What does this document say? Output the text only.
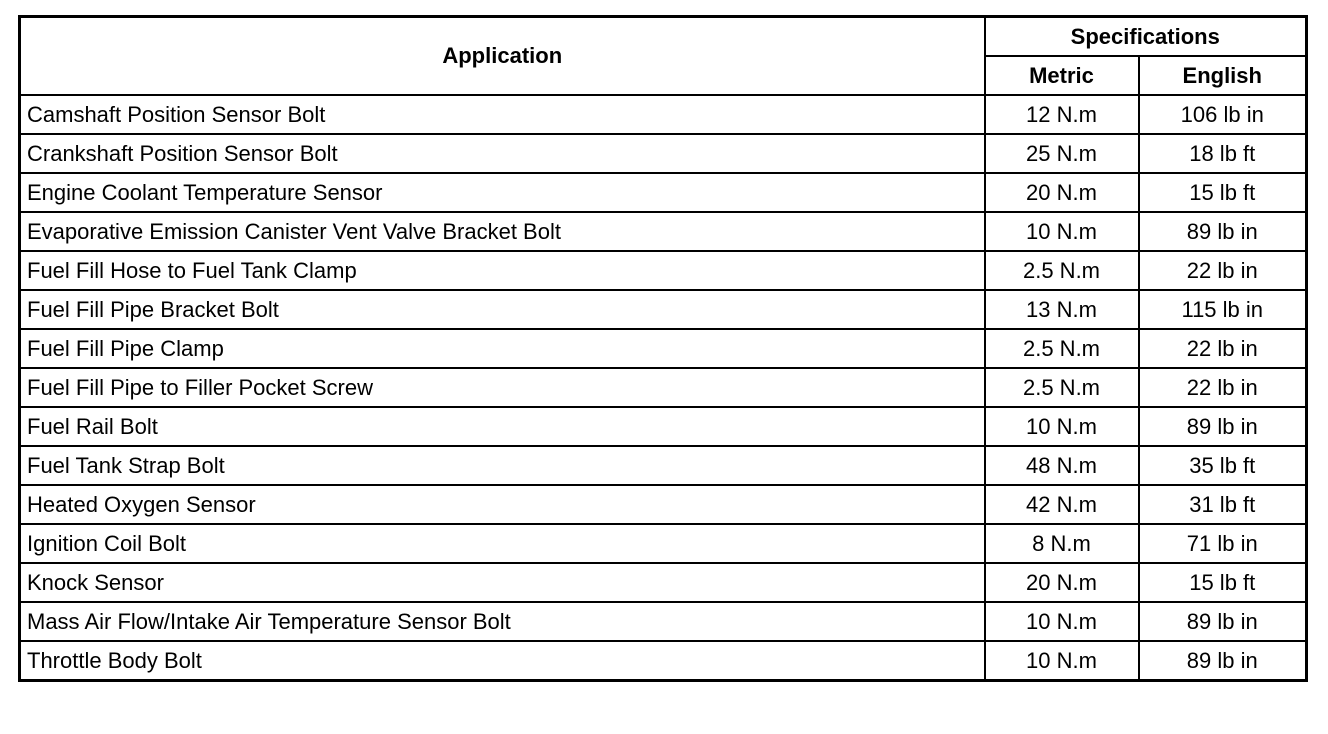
Application	Specifications	
	Metric	English
Camshaft Position Sensor Bolt	12 N.m	106 lb in
Crankshaft Position Sensor Bolt	25 N.m	18 lb ft
Engine Coolant Temperature Sensor	20 N.m	15 lb ft
Evaporative Emission Canister Vent Valve Bracket Bolt	10 N.m	89 lb in
Fuel Fill Hose to Fuel Tank Clamp	2.5 N.m	22 lb in
Fuel Fill Pipe Bracket Bolt	13 N.m	115 lb in
Fuel Fill Pipe Clamp	2.5 N.m	22 lb in
Fuel Fill Pipe to Filler Pocket Screw	2.5 N.m	22 lb in
Fuel Rail Bolt	10 N.m	89 lb in
Fuel Tank Strap Bolt	48 N.m	35 lb ft
Heated Oxygen Sensor	42 N.m	31 lb ft
Ignition Coil Bolt	8 N.m	71 lb in
Knock Sensor	20 N.m	15 lb ft
Mass Air Flow/Intake Air Temperature Sensor Bolt	10 N.m	89 lb in
Throttle Body Bolt	10 N.m	89 lb in
